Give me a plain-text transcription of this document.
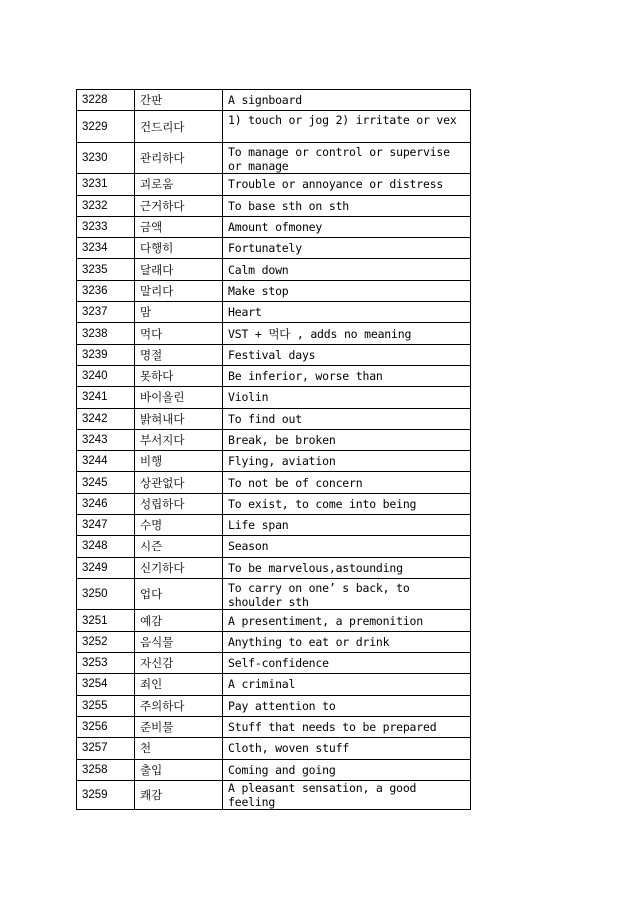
3228	간판	A signboard
3229	건드리다	1) touch or jog 2) irritate or vex
3230	관리하다	To manage or control or supervise or manage
3231	괴로움	Trouble or annoyance or distress
3232	근거하다	To base sth on sth
3233	금액	Amount ofmoney
3234	다행히	Fortunately
3235	달래다	Calm down
3236	말리다	Make stop
3237	맘	Heart
3238	먹다	VST + 먹다 , adds no meaning
3239	명절	Festival days
3240	못하다	Be inferior, worse than
3241	바이올린	Violin
3242	밝혀내다	To find out
3243	부서지다	Break, be broken
3244	비행	Flying, aviation
3245	상관없다	To not be of concern
3246	성립하다	To exist, to come into being
3247	수명	Life span
3248	시즌	Season
3249	신기하다	To be marvelous,astounding
3250	업다	To carry on one’ s back, to shoulder sth
3251	예감	A presentiment, a premonition
3252	음식물	Anything to eat or drink
3253	자신감	Self-confidence
3254	죄인	A criminal
3255	주의하다	Pay attention to
3256	준비물	Stuff that needs to be prepared
3257	천	Cloth, woven stuff
3258	출입	Coming and going
3259	쾌감	A pleasant sensation, a good feeling
